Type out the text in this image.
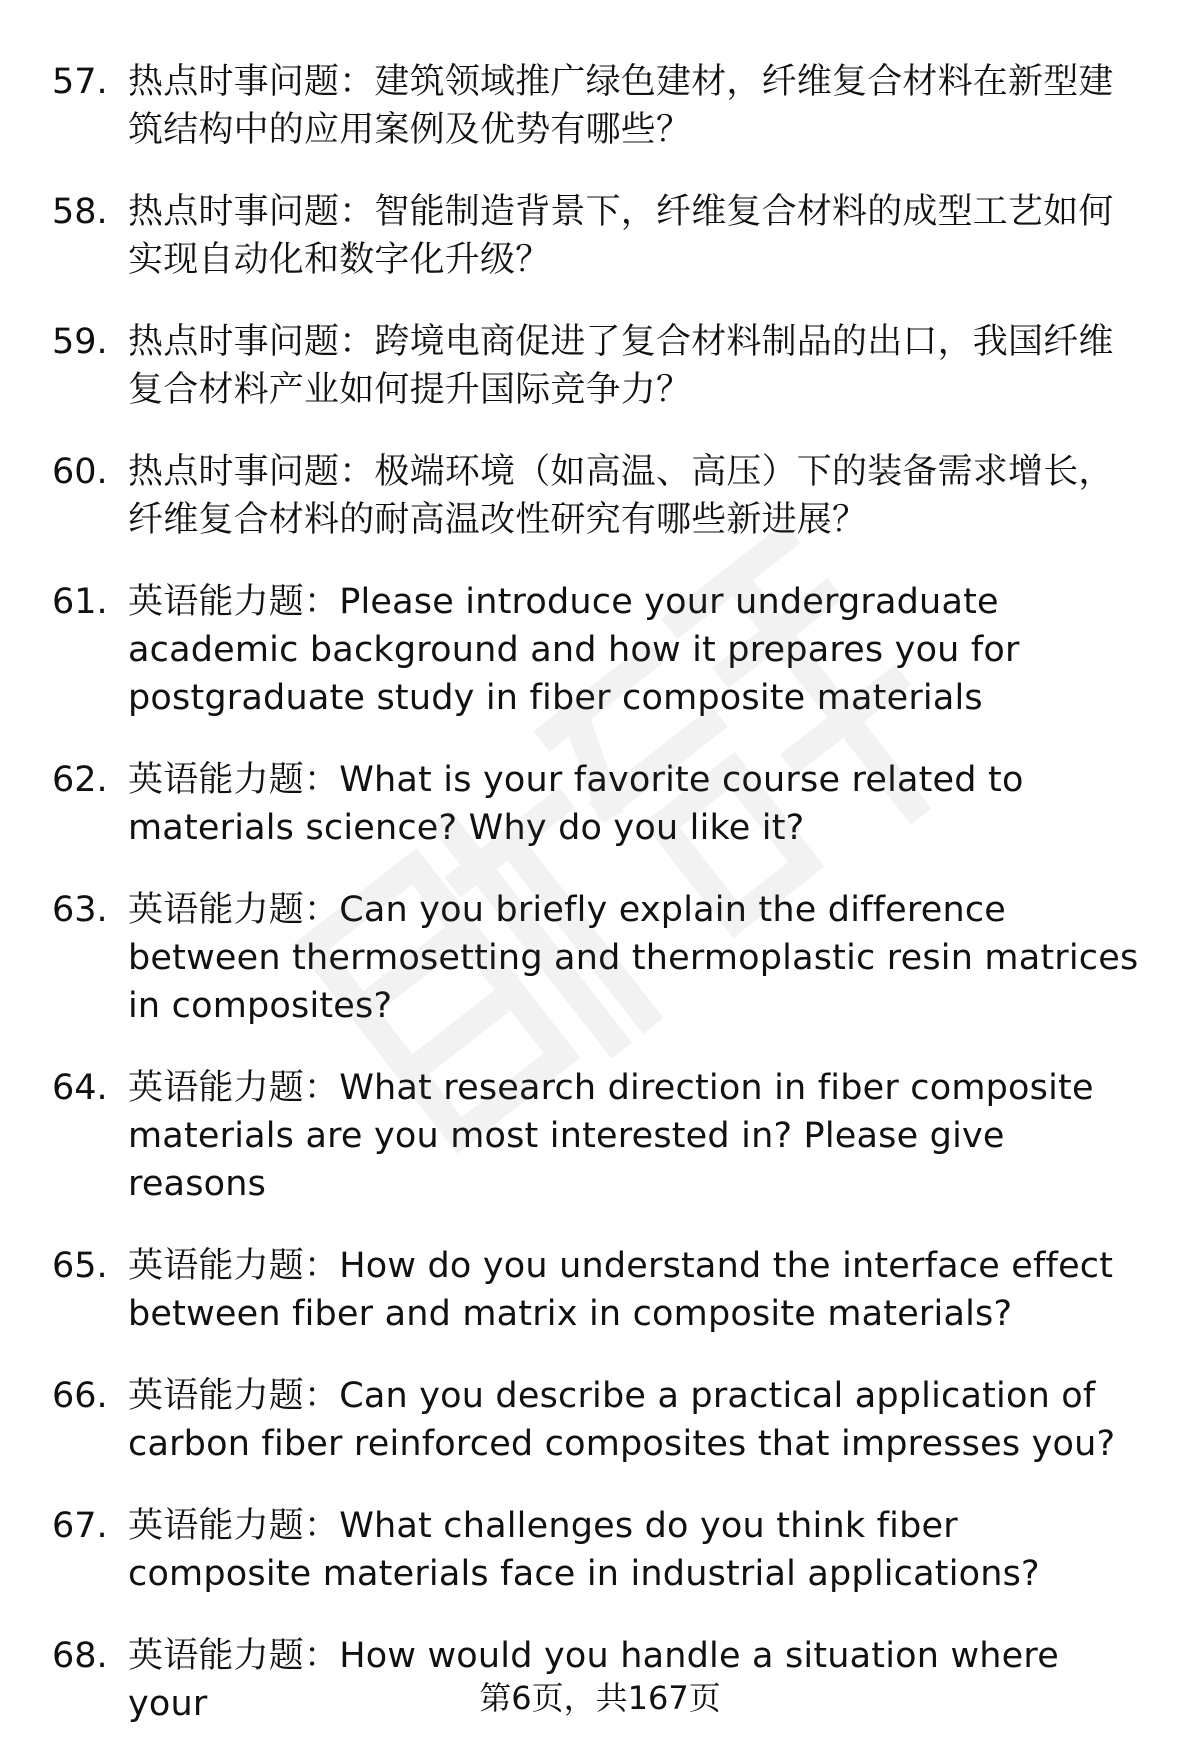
57. 热点时事问题：建筑领域推广绿色建材，纤维复合材料在新型建筑结构中的应用案例及优势有哪些？
58. 热点时事问题：智能制造背景下，纤维复合材料的成型工艺如何实现自动化和数字化升级？
59. 热点时事问题：跨境电商促进了复合材料制品的出口，我国纤维复合材料产业如何提升国际竞争力？
60. 热点时事问题：极端环境（如高温、高压）下的装备需求增长，纤维复合材料的耐高温改性研究有哪些新进展？
61. 英语能力题：Please introduce your undergraduate academic background and how it prepares you for postgraduate study in fiber composite materials
62. 英语能力题：What is your favorite course related to materials science? Why do you like it?
63. 英语能力题：Can you briefly explain the difference between thermosetting and thermoplastic resin matrices in composites?
64. 英语能力题：What research direction in fiber composite materials are you most interested in? Please give reasons
65. 英语能力题：How do you understand the interface effect between fiber and matrix in composite materials?
66. 英语能力题：Can you describe a practical application of carbon fiber reinforced composites that impresses you?
67. 英语能力题：What challenges do you think fiber composite materials face in industrial applications?
68. 英语能力题：How would you handle a situation where your	第6页，共167页
